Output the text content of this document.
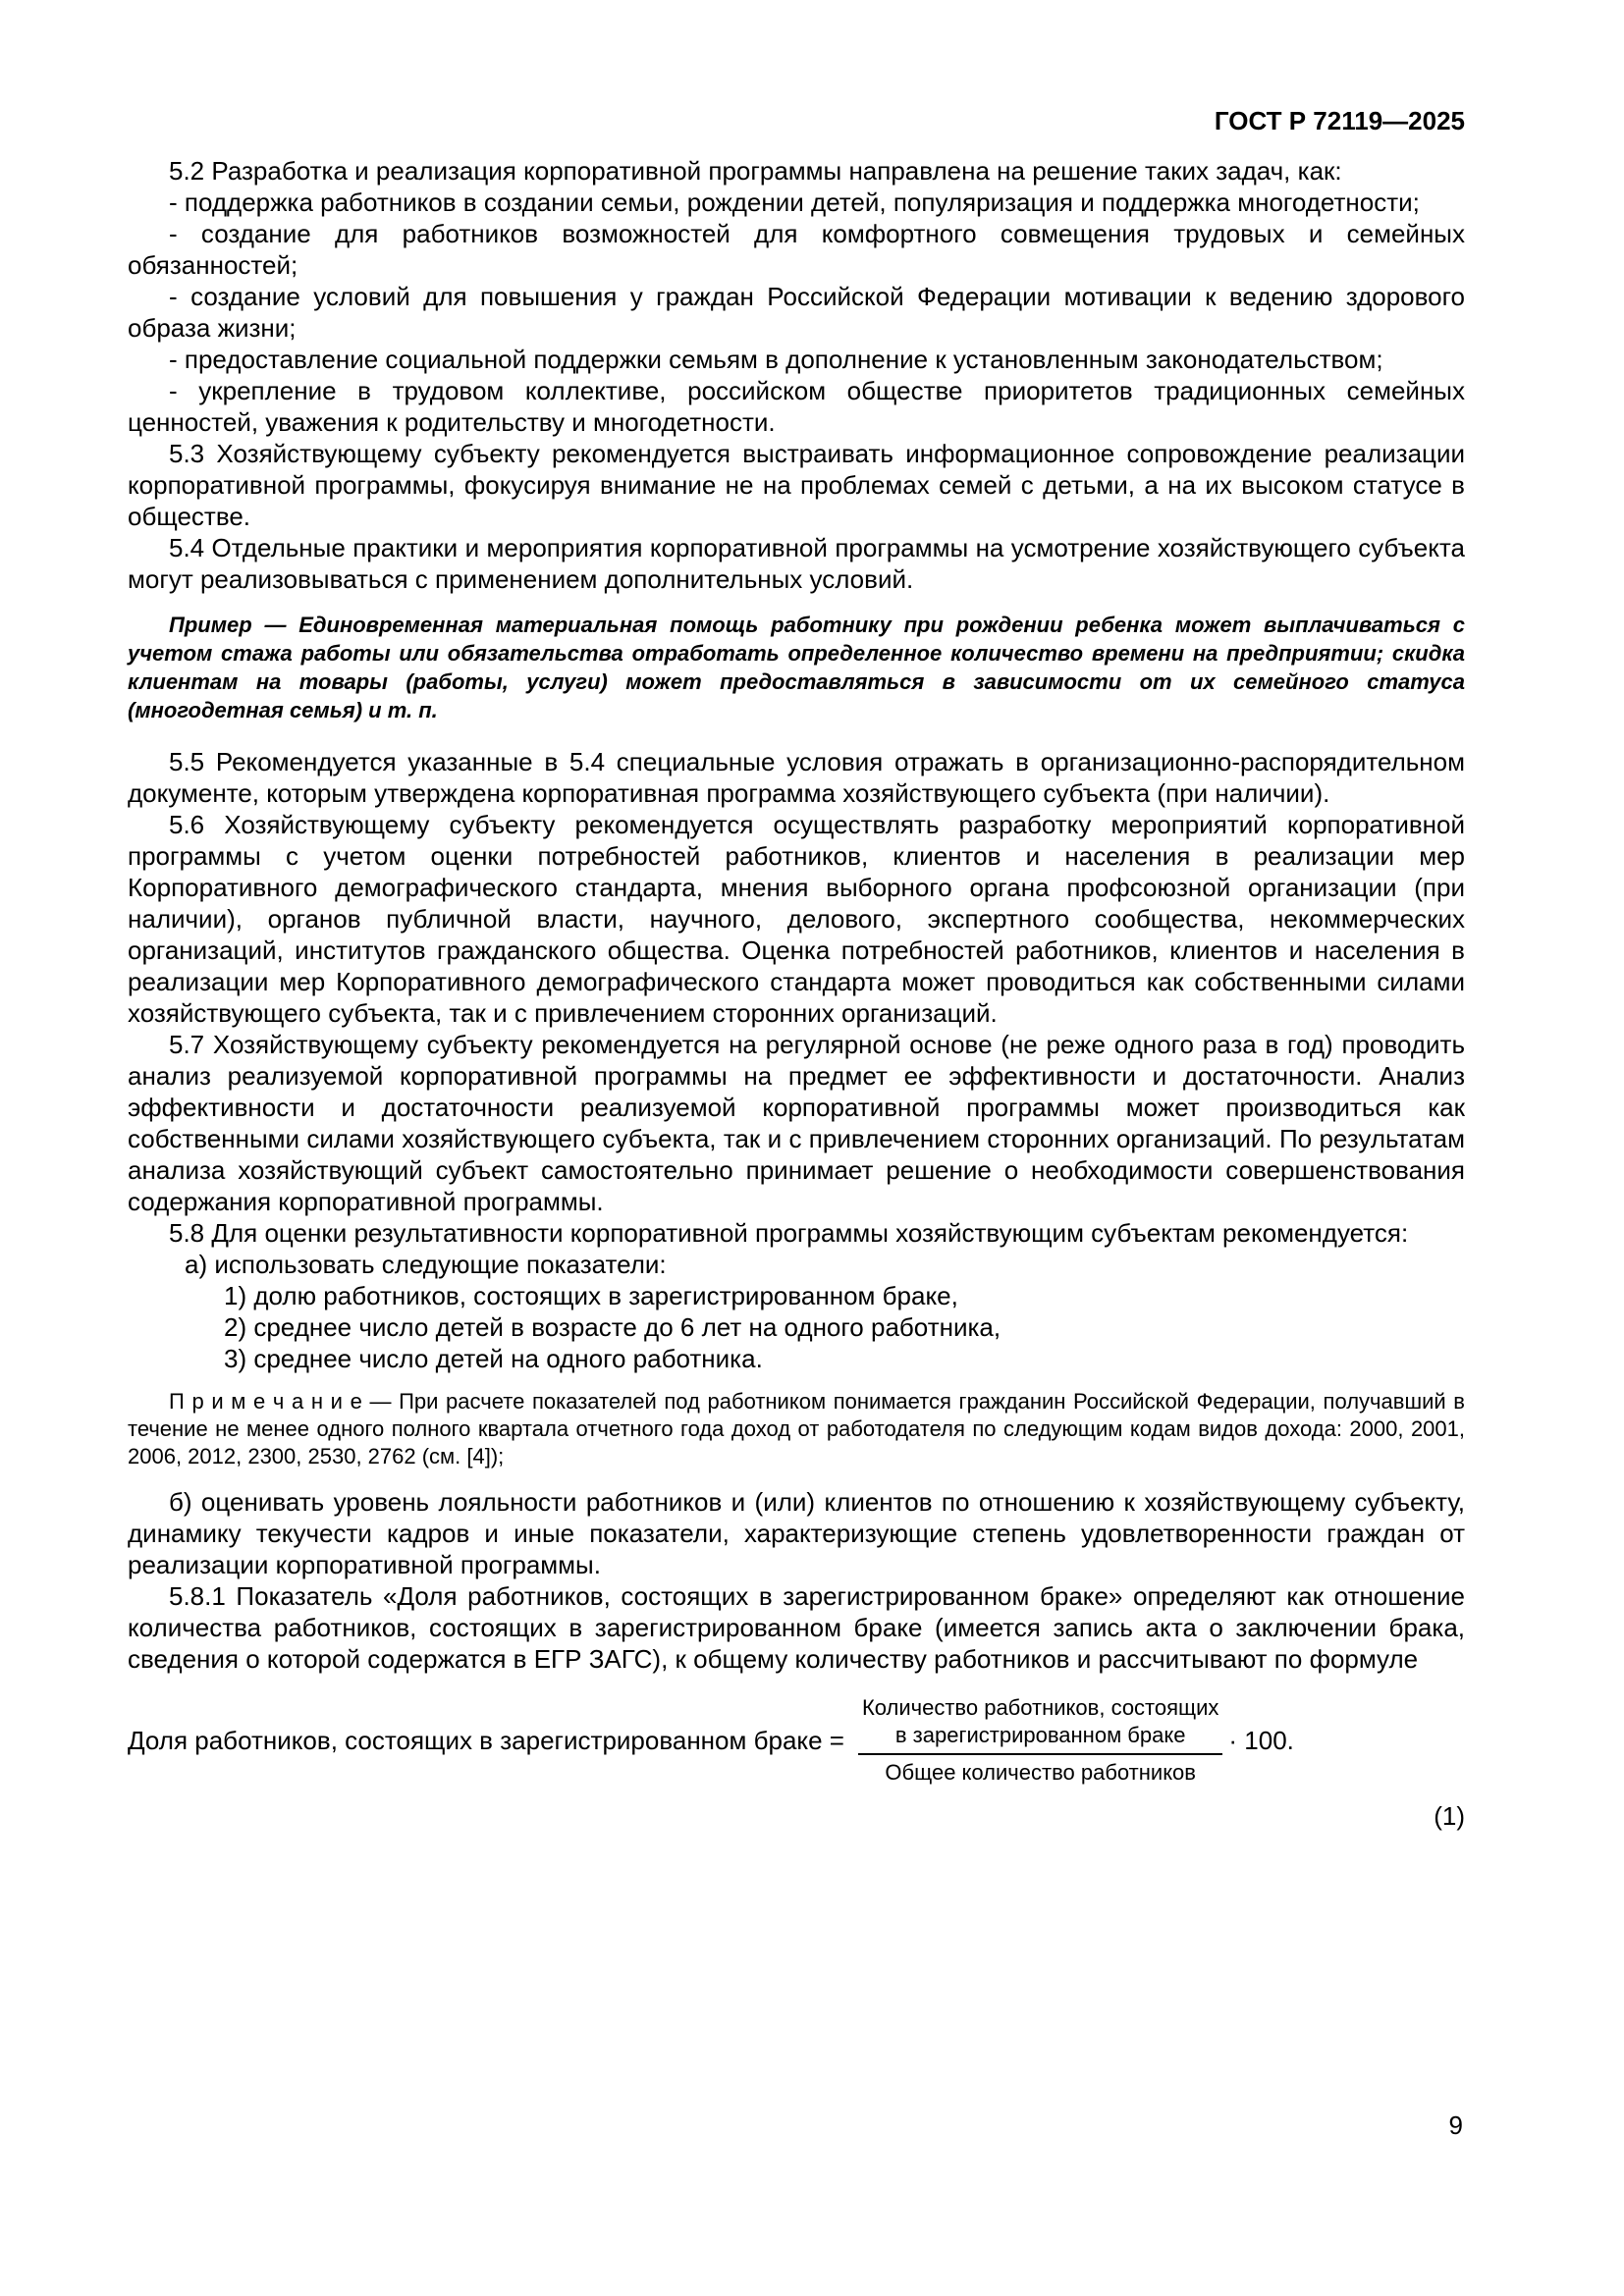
ГОСТ Р 72119—2025

5.2 Разработка и реализация корпоративной программы направлена на решение таких задач, как:

- поддержка работников в создании семьи, рождении детей, популяризация и поддержка многодетности;

- создание для работников возможностей для комфортного совмещения трудовых и семейных обязанностей;

- создание условий для повышения у граждан Российской Федерации мотивации к ведению здорового образа жизни;

- предоставление социальной поддержки семьям в дополнение к установленным законодательством;

- укрепление в трудовом коллективе, российском обществе приоритетов традиционных семейных ценностей, уважения к родительству и многодетности.

5.3 Хозяйствующему субъекту рекомендуется выстраивать информационное сопровождение реализации корпоративной программы, фокусируя внимание не на проблемах семей с детьми, а на их высоком статусе в обществе.

5.4 Отдельные практики и мероприятия корпоративной программы на усмотрение хозяйствующего субъекта могут реализовываться с применением дополнительных условий.

Пример — Единовременная материальная помощь работнику при рождении ребенка может выплачиваться с учетом стажа работы или обязательства отработать определенное количество времени на предприятии; скидка клиентам на товары (работы, услуги) может предоставляться в зависимости от их семейного статуса (многодетная семья) и т. п.

5.5 Рекомендуется указанные в 5.4 специальные условия отражать в организационно-распорядительном документе, которым утверждена корпоративная программа хозяйствующего субъекта (при наличии).

5.6 Хозяйствующему субъекту рекомендуется осуществлять разработку мероприятий корпоративной программы с учетом оценки потребностей работников, клиентов и населения в реализации мер Корпоративного демографического стандарта, мнения выборного органа профсоюзной организации (при наличии), органов публичной власти, научного, делового, экспертного сообщества, некоммерческих организаций, институтов гражданского общества. Оценка потребностей работников, клиентов и населения в реализации мер Корпоративного демографического стандарта может проводиться как собственными силами хозяйствующего субъекта, так и с привлечением сторонних организаций.

5.7 Хозяйствующему субъекту рекомендуется на регулярной основе (не реже одного раза в год) проводить анализ реализуемой корпоративной программы на предмет ее эффективности и достаточности. Анализ эффективности и достаточности реализуемой корпоративной программы может производиться как собственными силами хозяйствующего субъекта, так и с привлечением сторонних организаций. По результатам анализа хозяйствующий субъект самостоятельно принимает решение о необходимости совершенствования содержания корпоративной программы.

5.8 Для оценки результативности корпоративной программы хозяйствующим субъектам рекомендуется:

а) использовать следующие показатели:

1) долю работников, состоящих в зарегистрированном браке,

2) среднее число детей в возрасте до 6 лет на одного работника,

3) среднее число детей на одного работника.

П р и м е ч а н и е — При расчете показателей под работником понимается гражданин Российской Федерации, получавший в течение не менее одного полного квартала отчетного года доход от работодателя по следующим кодам видов дохода: 2000, 2001, 2006, 2012, 2300, 2530, 2762 (см. [4]);

б) оценивать уровень лояльности работников и (или) клиентов по отношению к хозяйствующему субъекту, динамику текучести кадров и иные показатели, характеризующие степень удовлетворенности граждан от реализации корпоративной программы.

5.8.1 Показатель «Доля работников, состоящих в зарегистрированном браке» определяют как отношение количества работников, состоящих в зарегистрированном браке (имеется запись акта о заключении брака, сведения о которой содержатся в ЕГР ЗАГС), к общему количеству работников и рассчитывают по формуле

Доля работников, состоящих в зарегистрированном браке =
Количество работников, состоящих
в зарегистрированном браке
Общее количество работников
· 100.
(1)
9
